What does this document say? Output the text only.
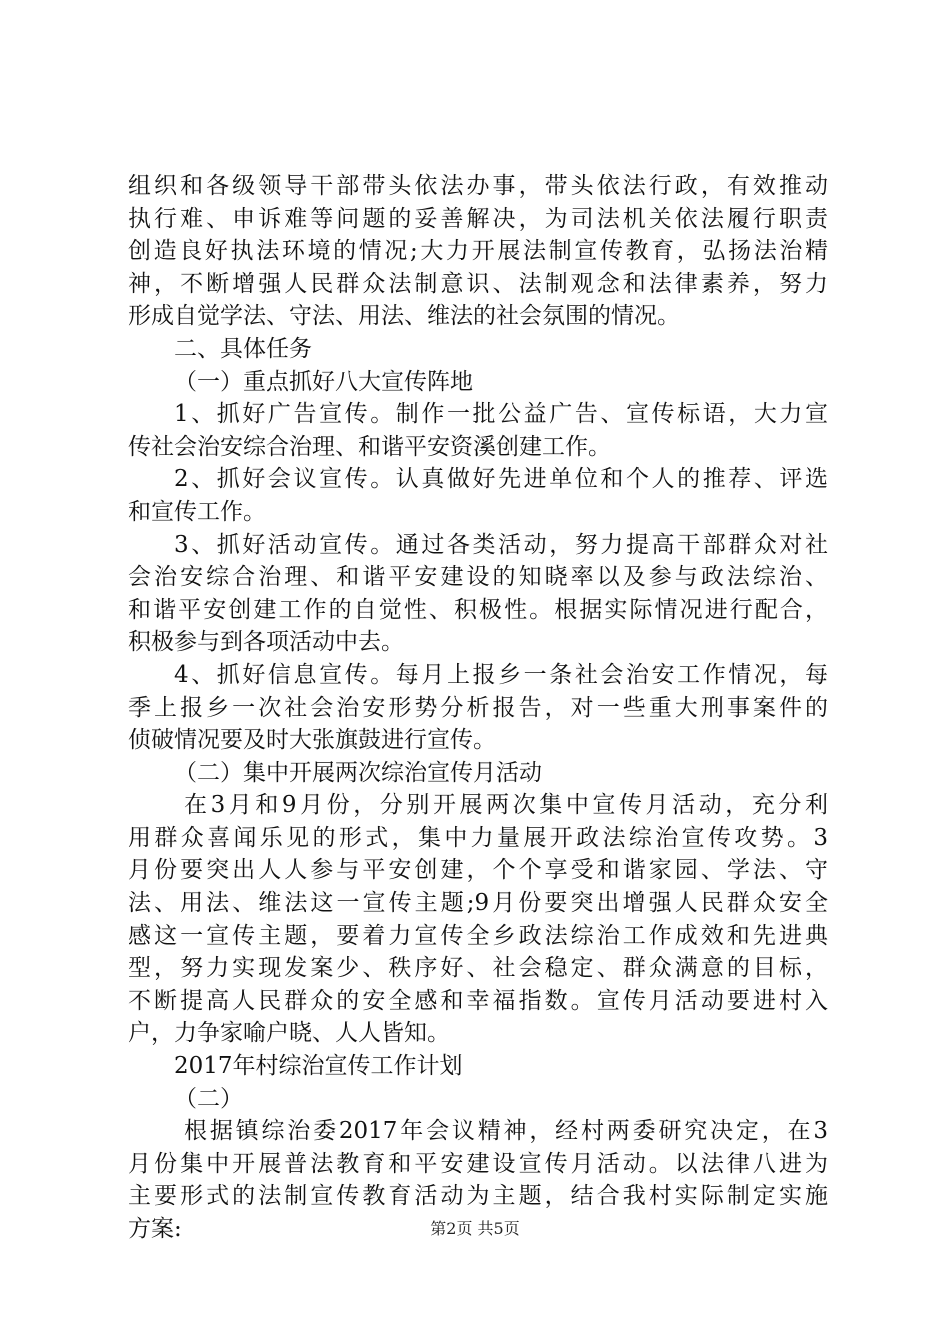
组织和各级领导干部带头依法办事，带头依法行政，有效推动
执行难、申诉难等问题的妥善解决，为司法机关依法履行职责
创造良好执法环境的情况;大力开展法制宣传教育，弘扬法治精
神，不断增强人民群众法制意识、法制观念和法律素养，努力
形成自觉学法、守法、用法、维法的社会氛围的情况。
二、具体任务
（一）重点抓好八大宣传阵地
1、抓好广告宣传。制作一批公益广告、宣传标语，大力宣
传社会治安综合治理、和谐平安资溪创建工作。
2、抓好会议宣传。认真做好先进单位和个人的推荐、评选
和宣传工作。
3、抓好活动宣传。通过各类活动，努力提高干部群众对社
会治安综合治理、和谐平安建设的知晓率以及参与政法综治、
和谐平安创建工作的自觉性、积极性。根据实际情况进行配合，
积极参与到各项活动中去。
4、抓好信息宣传。每月上报乡一条社会治安工作情况，每
季上报乡一次社会治安形势分析报告，对一些重大刑事案件的
侦破情况要及时大张旗鼓进行宣传。
（二）集中开展两次综治宣传月活动
在3月和9月份，分别开展两次集中宣传月活动，充分利
用群众喜闻乐见的形式，集中力量展开政法综治宣传攻势。3
月份要突出人人参与平安创建，个个享受和谐家园、学法、守
法、用法、维法这一宣传主题;9月份要突出增强人民群众安全
感这一宣传主题，要着力宣传全乡政法综治工作成效和先进典
型，努力实现发案少、秩序好、社会稳定、群众满意的目标，
不断提高人民群众的安全感和幸福指数。宣传月活动要进村入
户，力争家喻户晓、人人皆知。
2017年村综治宣传工作计划
（二）
根据镇综治委2017年会议精神，经村两委研究决定，在3
月份集中开展普法教育和平安建设宣传月活动。以法律八进为
主要形式的法制宣传教育活动为主题，结合我村实际制定实施
方案:	第2页 共5页
